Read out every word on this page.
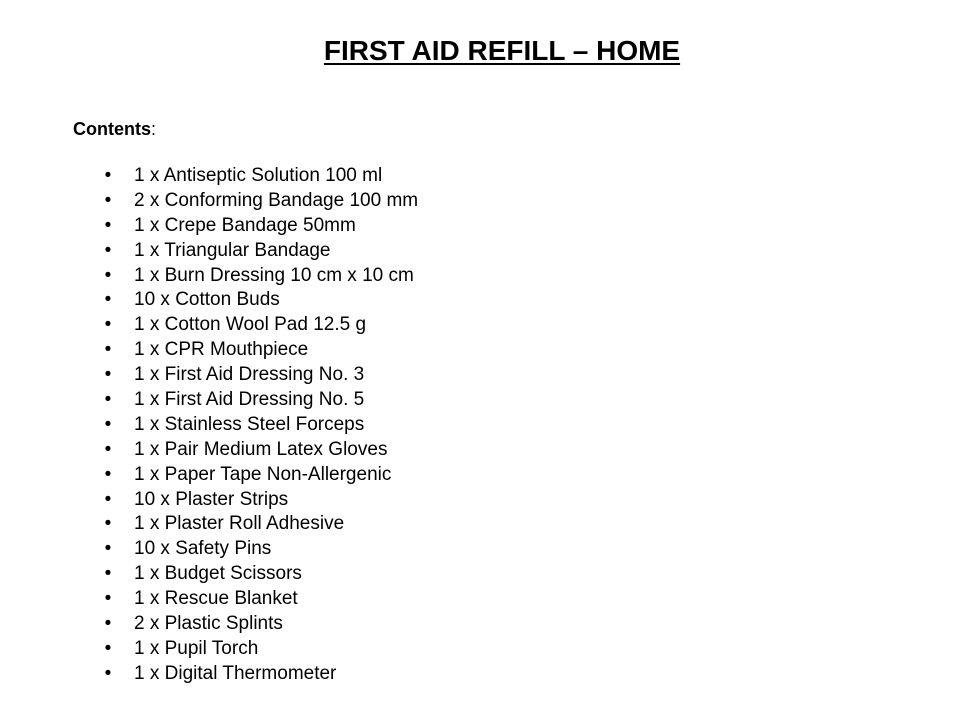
FIRST AID REFILL – HOME

Contents:

• 1 x Antiseptic Solution 100 ml
• 2 x Conforming Bandage 100 mm
• 1 x Crepe Bandage 50mm
• 1 x Triangular Bandage
• 1 x Burn Dressing 10 cm x 10 cm
• 10 x Cotton Buds
• 1 x Cotton Wool Pad 12.5 g
• 1 x CPR Mouthpiece
• 1 x First Aid Dressing No. 3
• 1 x First Aid Dressing No. 5
• 1 x Stainless Steel Forceps
• 1 x Pair Medium Latex Gloves
• 1 x Paper Tape Non-Allergenic
• 10 x Plaster Strips
• 1 x Plaster Roll Adhesive
• 10 x Safety Pins
• 1 x Budget Scissors
• 1 x Rescue Blanket
• 2 x Plastic Splints
• 1 x Pupil Torch
• 1 x Digital Thermometer
